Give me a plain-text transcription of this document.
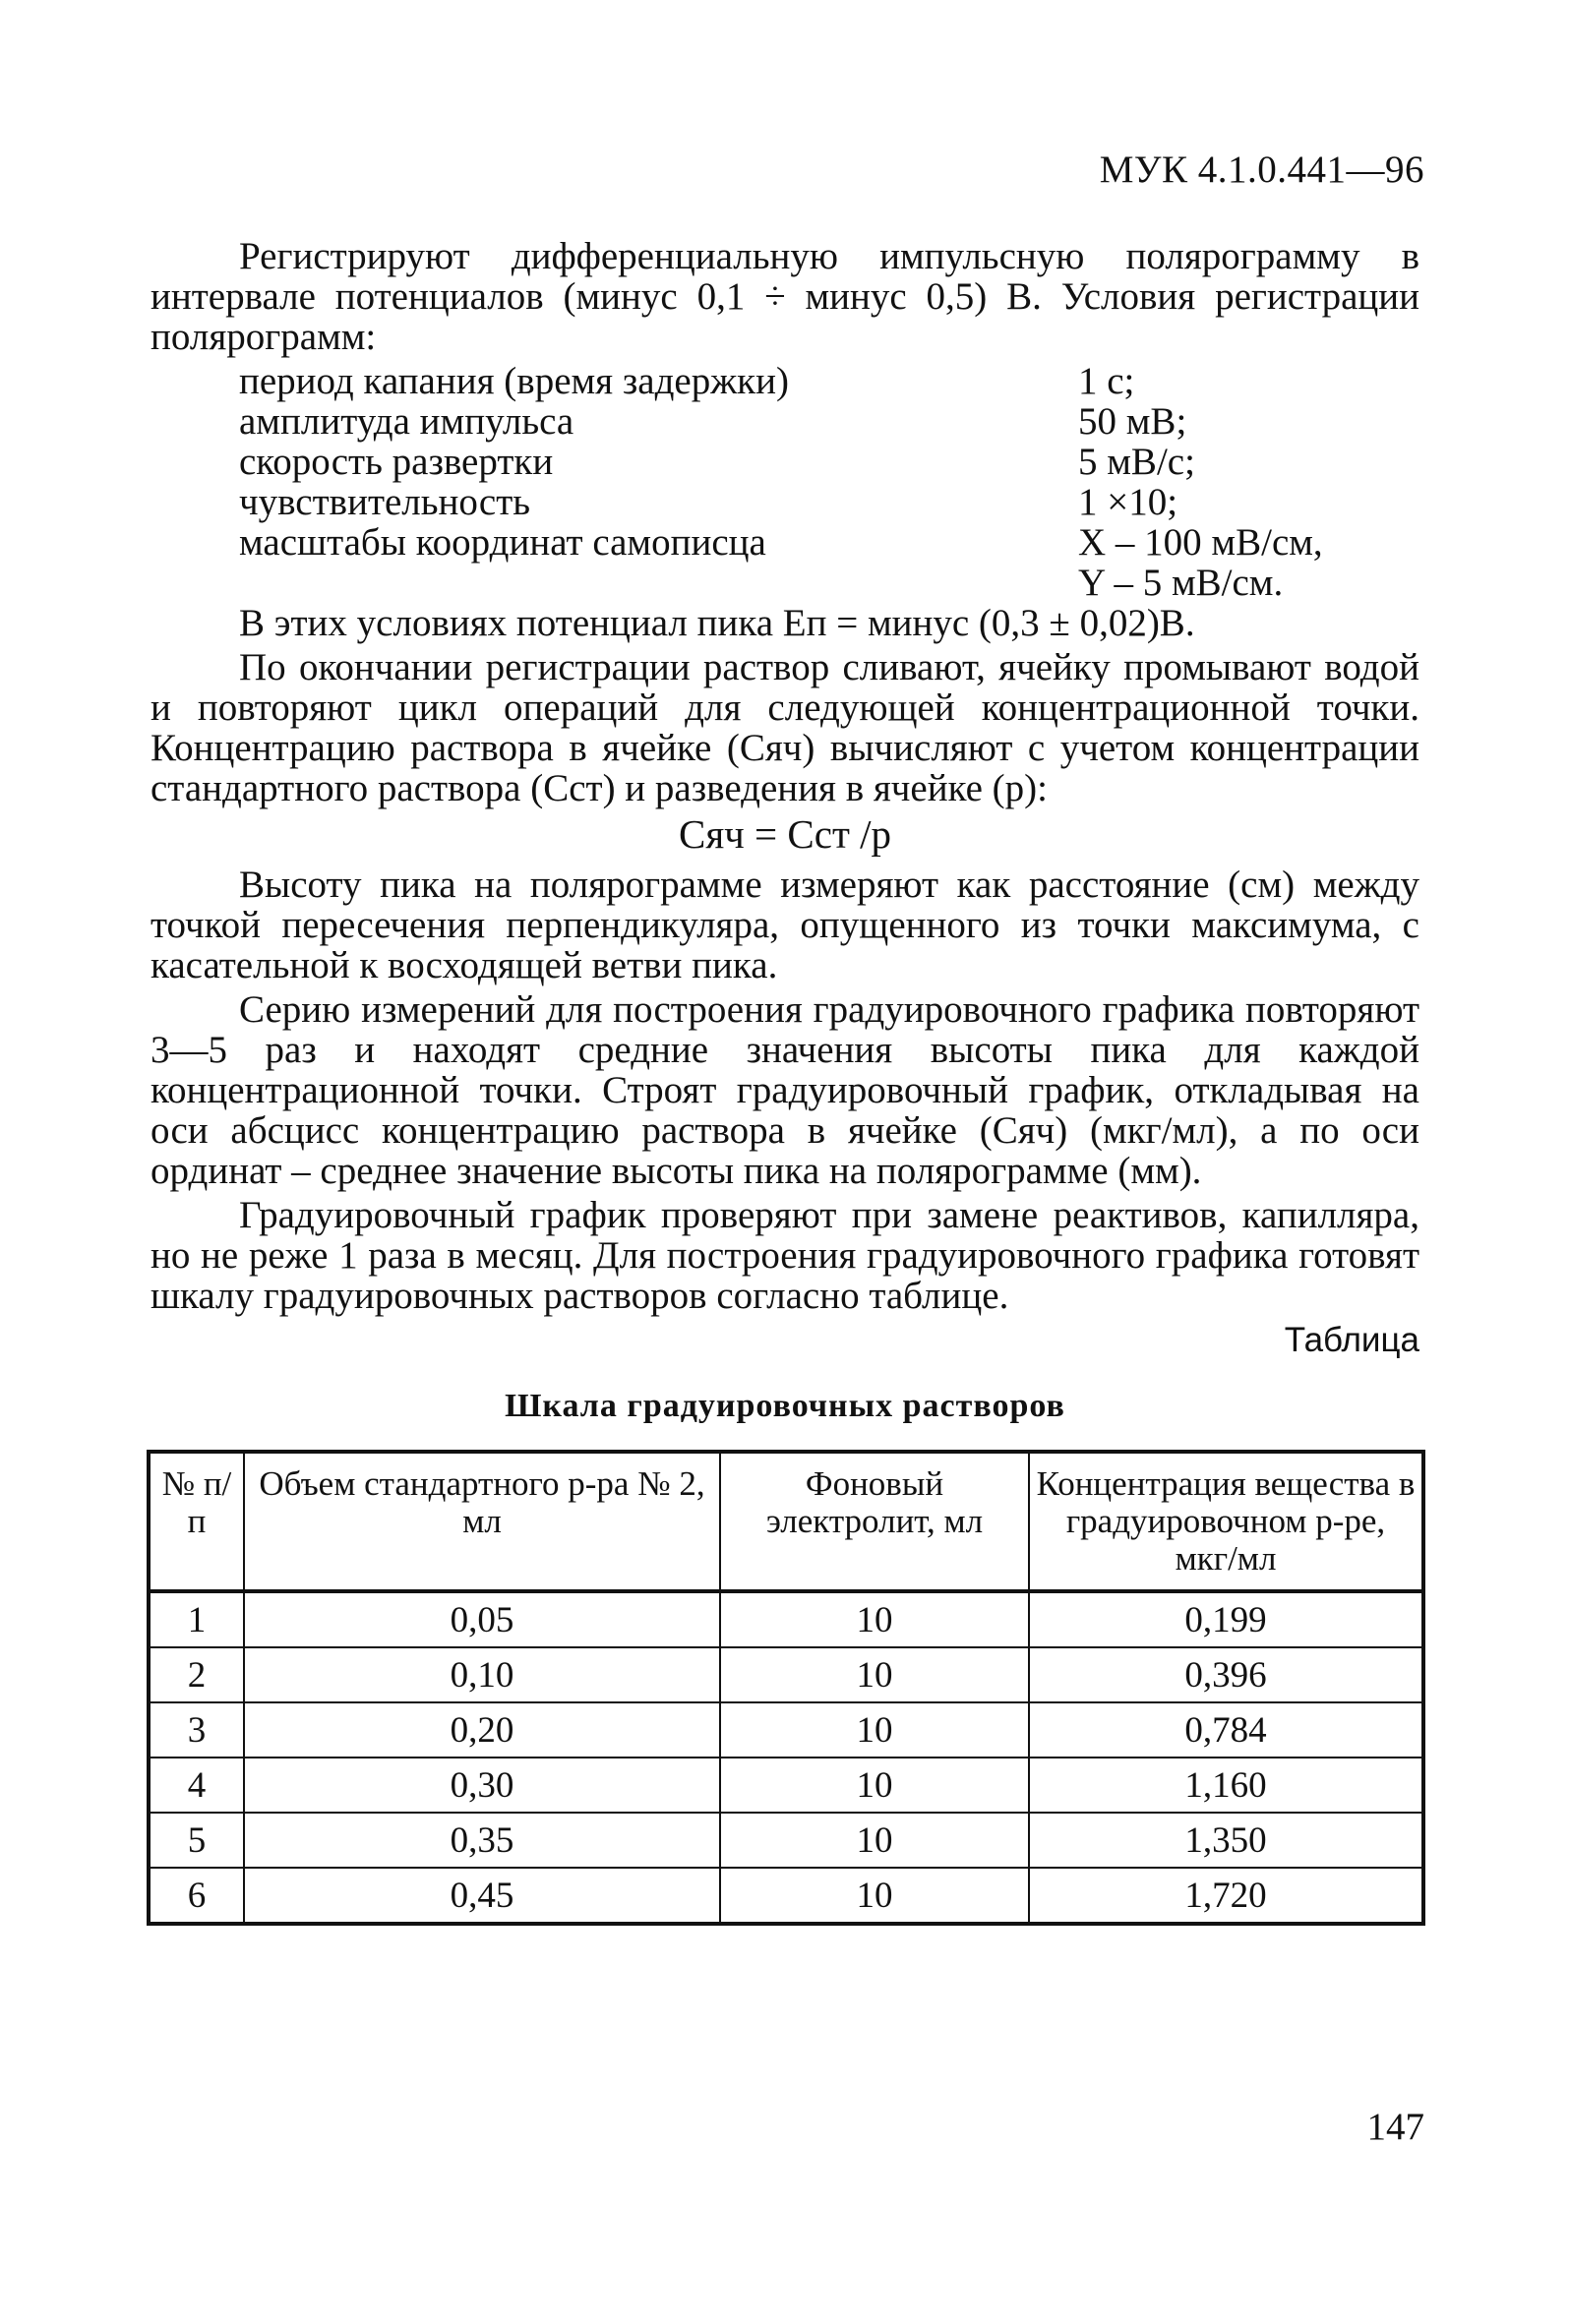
МУК 4.1.0.441—96

Регистрируют дифференциальную импульсную полярограмму в интервале потенциалов (минус 0,1 ÷ минус 0,5) В. Условия регистрации полярограмм:

период капания (время задержки)	1 с;
амплитуда импульса	50 мВ;
скорость развертки	5 мВ/с;
чувствительность	1 ×10;
масштабы координат самописца	X – 100 мВ/см,
Y – 5 мВ/см.

В этих условиях потенциал пика Eп = минус (0,3 ± 0,02)В.

По окончании регистрации раствор сливают, ячейку промывают водой и повторяют цикл операций для следующей концентрационной точки. Концентрацию раствора в ячейке (Cяч) вычисляют с учетом концентрации стандартного раствора (Cст) и разведения в ячейке (p):

Cяч = Cст /p

Высоту пика на полярограмме измеряют как расстояние (см) между точкой пересечения перпендикуляра, опущенного из точки максимума, с касательной к восходящей ветви пика.

Серию измерений для построения градуировочного графика повторяют 3—5 раз и находят средние значения высоты пика для каждой концентрационной точки. Строят градуировочный график, откладывая на оси абсцисс концентрацию раствора в ячейке (Cяч) (мкг/мл), а по оси ординат – среднее значение высоты пика на полярограмме (мм).

Градуировочный график проверяют при замене реактивов, капилляра, но не реже 1 раза в месяц. Для построения градуировочного графика готовят шкалу градуировочных растворов согласно таблице.

Таблица
Шкала градуировочных растворов
№ п/п	Объем стандартного р-ра № 2, мл	Фоновый электролит, мл	Концентрация вещества в градуировочном р-ре, мкг/мл
1	0,05	10	0,199
2	0,10	10	0,396
3	0,20	10	0,784
4	0,30	10	1,160
5	0,35	10	1,350
6	0,45	10	1,720
147
